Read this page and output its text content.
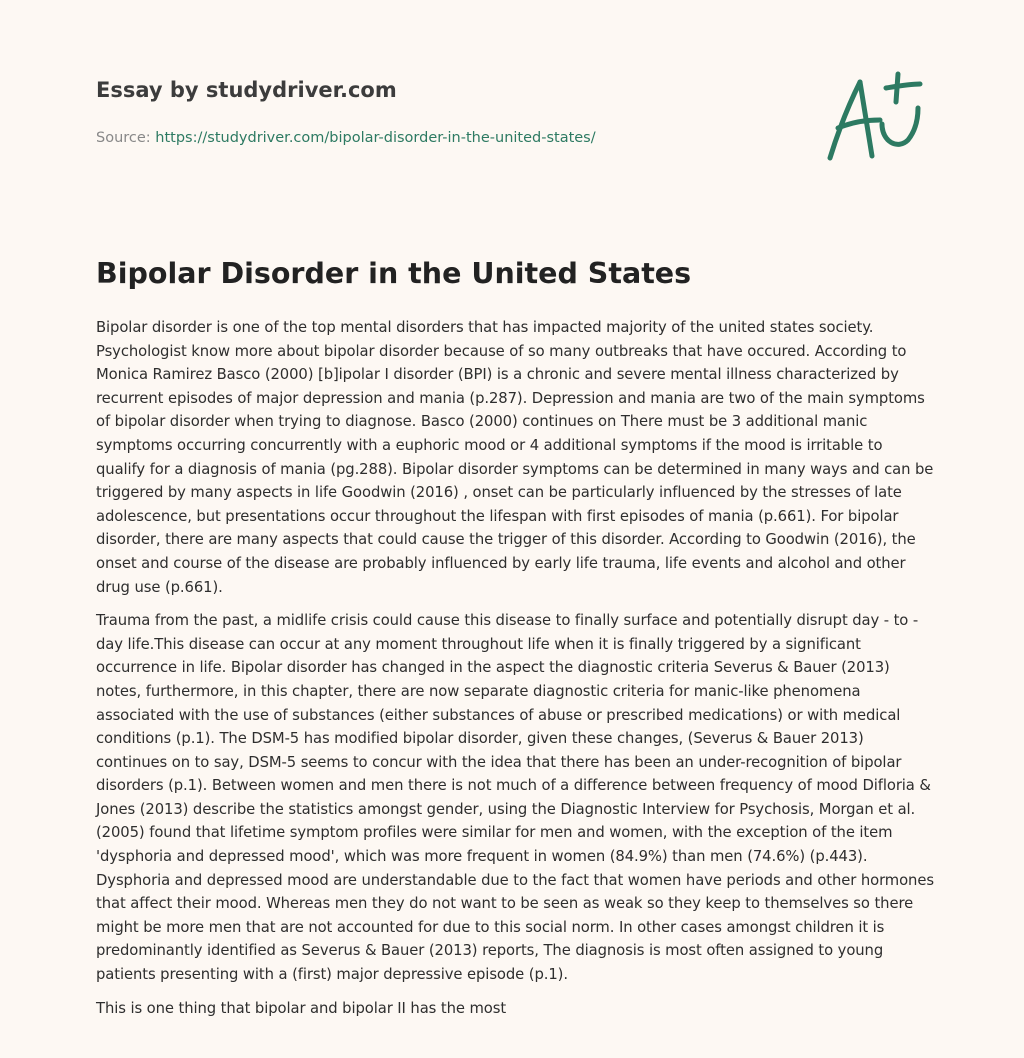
Essay by studydriver.com
Source: https://studydriver.com/bipolar-disorder-in-the-united-states/
Bipolar Disorder in the United States

Bipolar disorder is one of the top mental disorders that has impacted majority of the united states society. Psychologist know more about bipolar disorder because of so many outbreaks that have occured. According to Monica Ramirez Basco (2000) [b]ipolar I disorder (BPI) is a chronic and severe mental illness characterized by recurrent episodes of major depression and mania (p.287). Depression and mania are two of the main symptoms of bipolar disorder when trying to diagnose. Basco (2000) continues on There must be 3 additional manic symptoms occurring concurrently with a euphoric mood or 4 additional symptoms if the mood is irritable to qualify for a diagnosis of mania (pg.288). Bipolar disorder symptoms can be determined in many ways and can be triggered by many aspects in life Goodwin (2016) , onset can be particularly influenced by the stresses of late adolescence, but presentations occur throughout the lifespan with first episodes of mania (p.661). For bipolar disorder, there are many aspects that could cause the trigger of this disorder. According to Goodwin (2016), the onset and course of the disease are probably influenced by early life trauma, life events and alcohol and other drug use (p.661).

Trauma from the past, a midlife crisis could cause this disease to finally surface and potentially disrupt day - to - day life.This disease can occur at any moment throughout life when it is finally triggered by a significant occurrence in life. Bipolar disorder has changed in the aspect the diagnostic criteria Severus & Bauer (2013) notes, furthermore, in this chapter, there are now separate diagnostic criteria for manic-like phenomena associated with the use of substances (either substances of abuse or prescribed medications) or with medical conditions (p.1). The DSM-5 has modified bipolar disorder, given these changes, (Severus & Bauer 2013) continues on to say, DSM-5 seems to concur with the idea that there has been an under-recognition of bipolar disorders (p.1). Between women and men there is not much of a difference between frequency of mood Difloria & Jones (2013) describe the statistics amongst gender, using the Diagnostic Interview for Psychosis, Morgan et al. (2005) found that lifetime symptom profiles were similar for men and women, with the exception of the item 'dysphoria and depressed mood', which was more frequent in women (84.9%) than men (74.6%) (p.443). Dysphoria and depressed mood are understandable due to the fact that women have periods and other hormones that affect their mood. Whereas men they do not want to be seen as weak so they keep to themselves so there might be more men that are not accounted for due to this social norm. In other cases amongst children it is predominantly identified as Severus & Bauer (2013) reports, The diagnosis is most often assigned to young patients presenting with a (first) major depressive episode (p.1).

This is one thing that bipolar and bipolar II has the most
